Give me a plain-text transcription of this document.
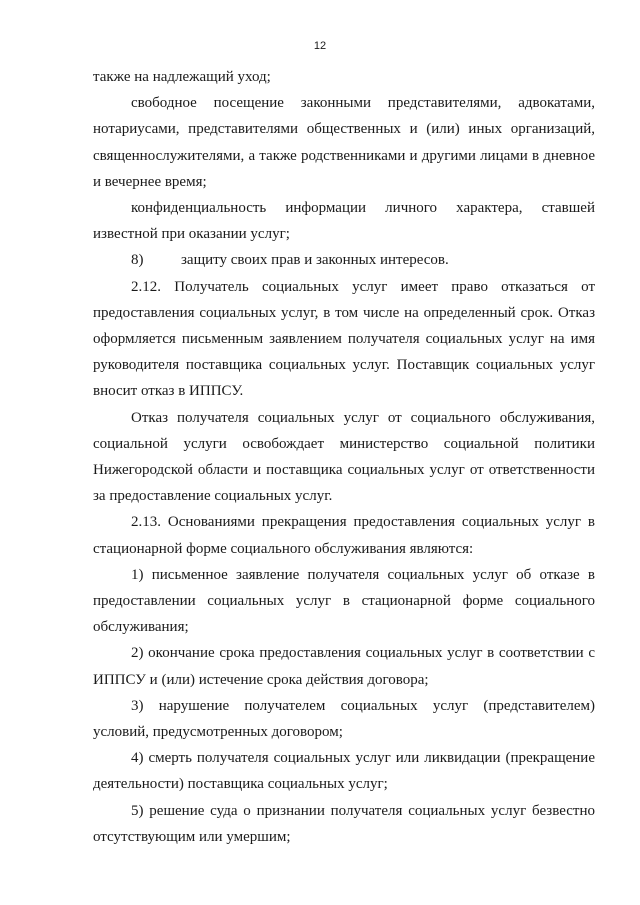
12

также на надлежащий уход;

свободное посещение законными представителями, адвокатами, нотариусами, представителями общественных и (или) иных организаций, священнослужителями, а также родственниками и другими лицами в дневное и вечернее время;

конфиденциальность информации личного характера, ставшей известной при оказании услуг;

8)	защиту своих прав и законных интересов.

2.12. Получатель социальных услуг имеет право отказаться от предоставления социальных услуг, в том числе на определенный срок. Отказ оформляется письменным заявлением получателя социальных услуг на имя руководителя поставщика социальных услуг. Поставщик социальных услуг вносит отказ в ИППСУ.

Отказ получателя социальных услуг от социального обслуживания, социальной услуги освобождает министерство социальной политики Нижегородской области и поставщика социальных услуг от ответственности за предоставление социальных услуг.

2.13. Основаниями прекращения предоставления социальных услуг в стационарной форме социального обслуживания являются:

1) письменное заявление получателя социальных услуг об отказе в предоставлении социальных услуг в стационарной форме социального обслуживания;

2) окончание срока предоставления социальных услуг в соответствии с ИППСУ и (или) истечение срока действия договора;

3) нарушение получателем социальных услуг (представителем) условий, предусмотренных договором;

4) смерть получателя социальных услуг или ликвидации (прекращение деятельности) поставщика социальных услуг;

5) решение суда о признании получателя социальных услуг безвестно отсутствующим или умершим;
